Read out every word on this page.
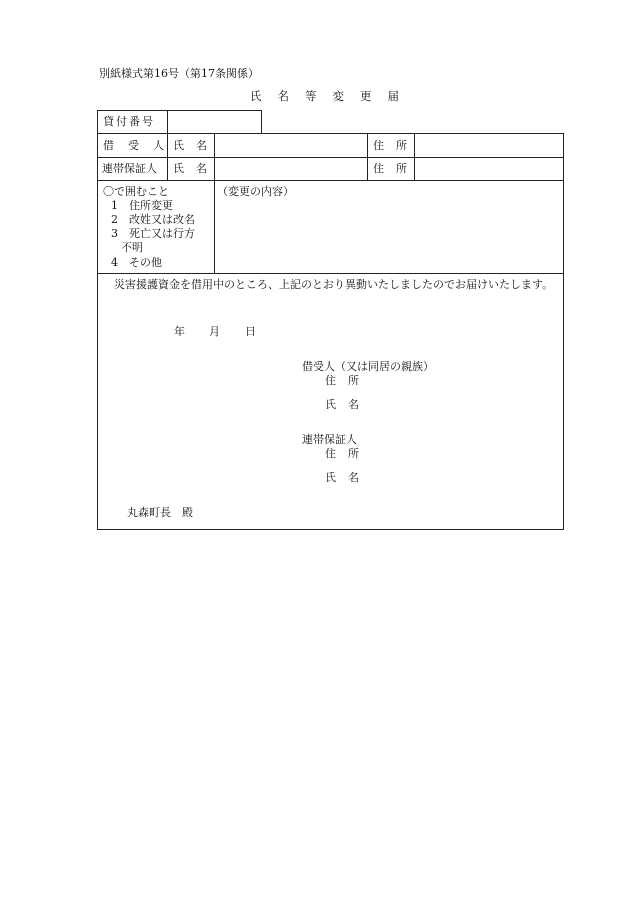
別紙様式第16号（第17条関係）
氏名等変更届
貸付番号
借受人
氏名	住所
連帯保証人 氏名	住所
〇で囲むこと
1　住所変更
2　改姓又は改名
3　死亡又は行方
不明
4　その他
（変更の内容）
災害援護資金を借用中のところ、上記のとおり異動いたしましたのでお届けいたします。
年 月 日
借受人（又は同居の親族）
住所
氏名
連帯保証人
住所
氏名
丸森町長　殿
